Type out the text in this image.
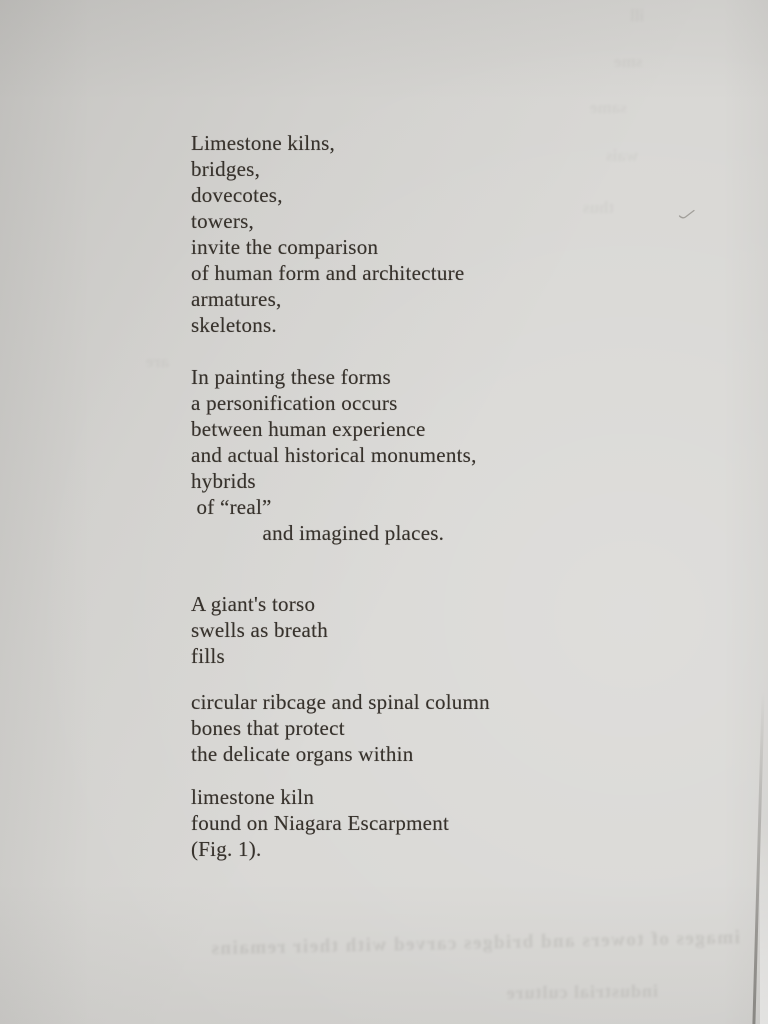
Limestone kilns,
bridges,
dovecotes,
towers,
invite the comparison
of human form and architecture
armatures,
skeletons.
In painting these forms
a personification occurs
between human experience
and actual historical monuments,
hybrids
of “real”
and imagined places.
A giant's torso
swells as breath
fills
circular ribcage and spinal column
bones that protect
the delicate organs within
limestone kiln
found on Niagara Escarpment
(Fig. 1).
images of towers and bridges carved with their remains
industrial culture
ill
sme
same
wais
thus
are
